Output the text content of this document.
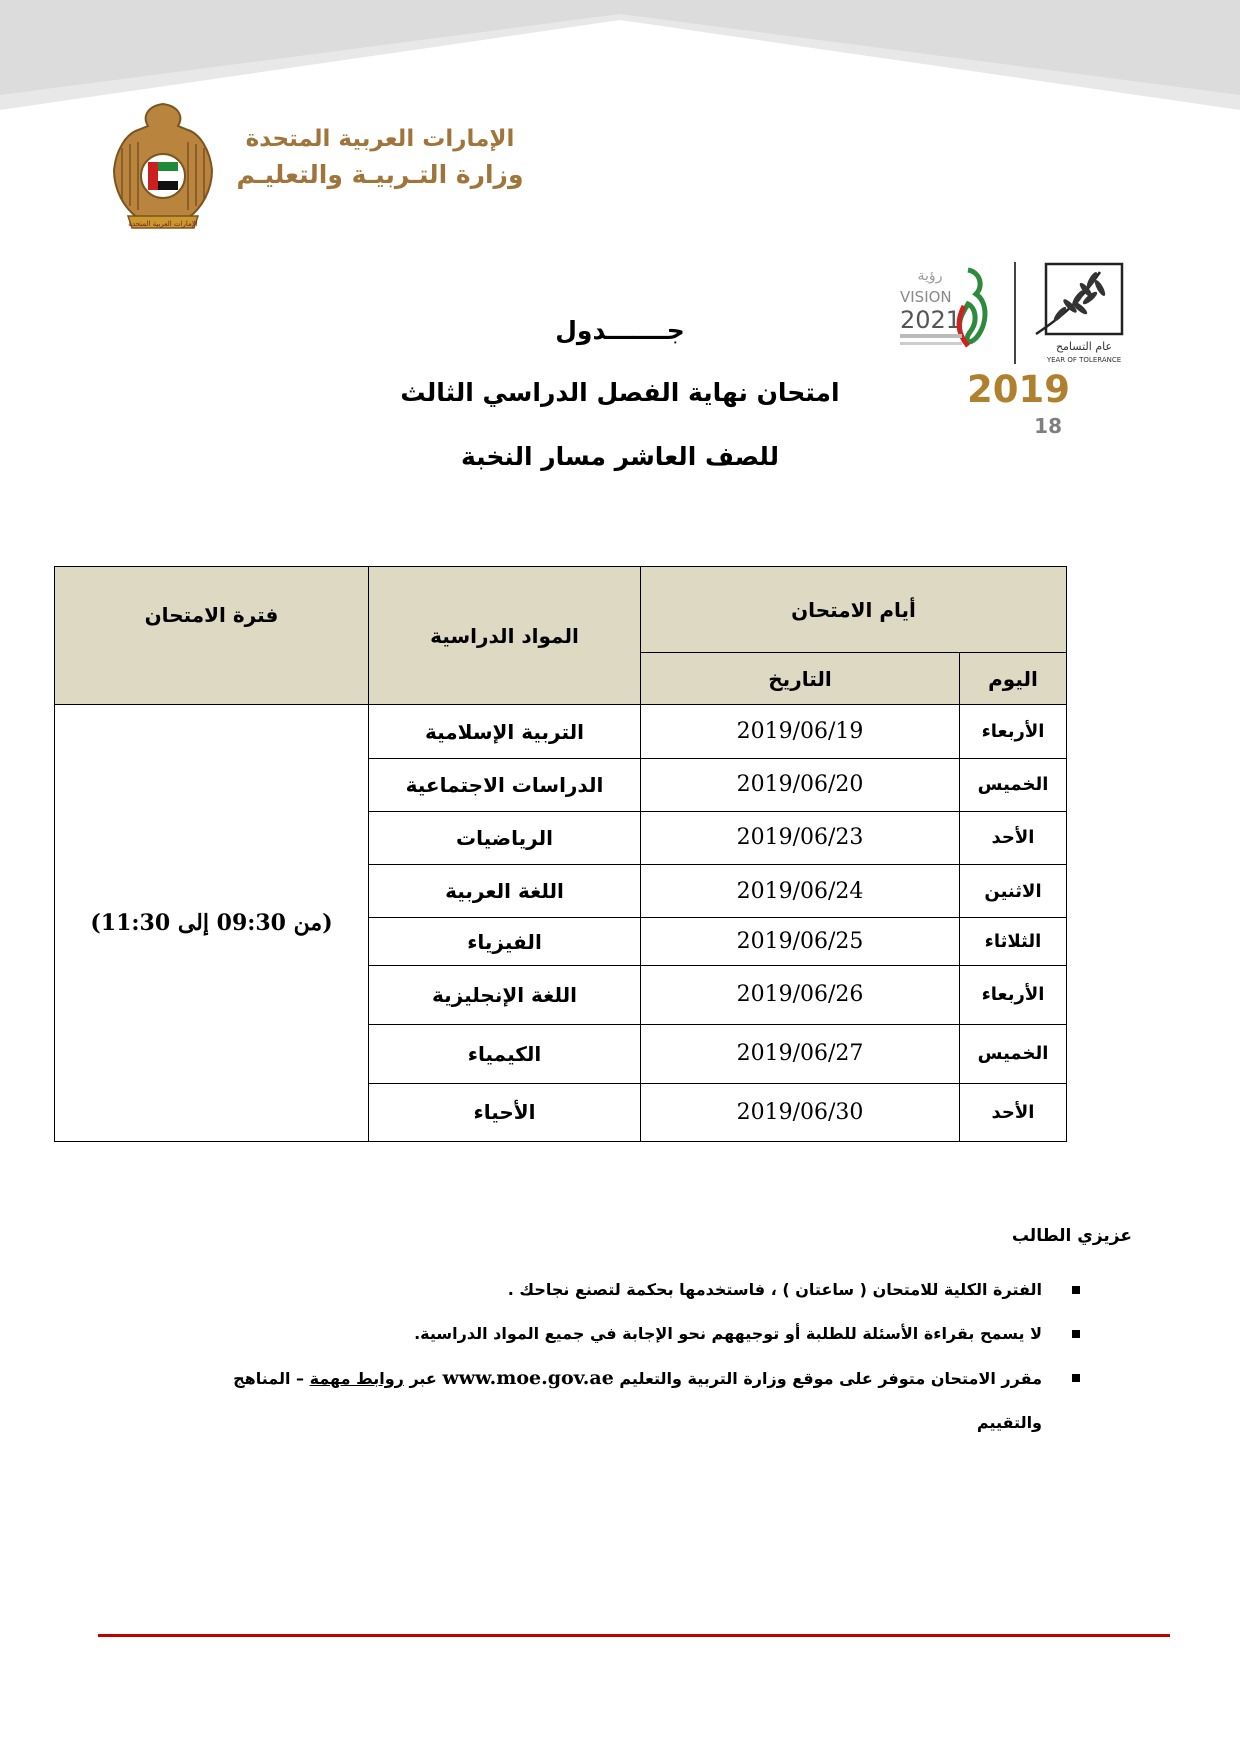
الإمارات العربية المتحدة
الإمارات العربية المتحدة
وزارة التـربيـة والتعليـم
رؤية
VISION
2021
عام التسامح
YEAR OF TOLERANCE
2019
18
جـــــــدول
امتحان نهاية الفصل الدراسي الثالث
للصف العاشر مسار النخبة
أيام الامتحان		المواد الدراسية	فترة الامتحان
اليوم	التاريخ		
الأربعاء	2019/06/19	التربية الإسلامية	(من 09:30 إلى 11:30)
الخميس	2019/06/20	الدراسات الاجتماعية	
الأحد	2019/06/23	الرياضيات	
الاثنين	2019/06/24	اللغة العربية	
الثلاثاء	2019/06/25	الفيزياء	
الأربعاء	2019/06/26	اللغة الإنجليزية	
الخميس	2019/06/27	الكيمياء	
الأحد	2019/06/30	الأحياء	
عزيزي الطالب
الفترة الكلية للامتحان ( ساعتان ) ، فاستخدمها بحكمة لتصنع نجاحك .
لا يسمح بقراءة الأسئلة للطلبة أو توجيههم نحو الإجابة في جميع المواد الدراسية.
مقرر الامتحان متوفر على موقع وزارة التربية والتعليم www.moe.gov.ae عبر روابط مهمة – المناهج والتقييم
